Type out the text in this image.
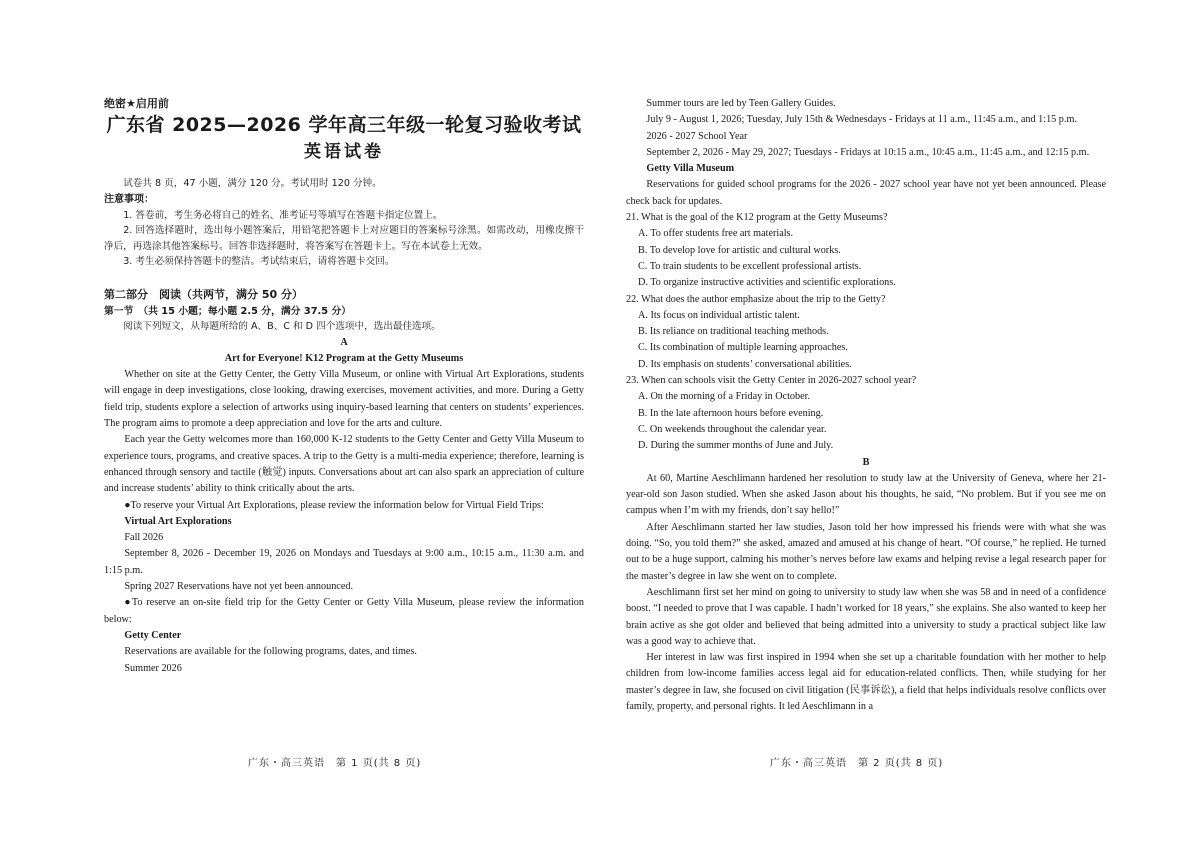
绝密★启用前
广东省 2025—2026 学年高三年级一轮复习验收考试
英语试卷

试卷共 8 页，47 小题，满分 120 分。考试用时 120 分钟。

注意事项：

1. 答卷前，考生务必将自己的姓名、准考证号等填写在答题卡指定位置上。

2. 回答选择题时，选出每小题答案后，用铅笔把答题卡上对应题目的答案标号涂黑。如需改动，用橡皮擦干净后，再选涂其他答案标号。回答非选择题时，将答案写在答题卡上。写在本试卷上无效。

3. 考生必须保持答题卡的整洁。考试结束后，请将答题卡交回。

第二部分　阅读（共两节，满分 50 分）
第一节　（共 15 小题；每小题 2.5 分，满分 37.5 分）

阅读下列短文，从每题所给的 A、B、C 和 D 四个选项中，选出最佳选项。

A
Art for Everyone! K12 Program at the Getty Museums

Whether on site at the Getty Center, the Getty Villa Museum, or online with Virtual Art Explorations, students will engage in deep investigations, close looking, drawing exercises, movement activities, and more. During a Getty field trip, students explore a selection of artworks using inquiry-based learning that centers on students’ experiences. The program aims to promote a deep appreciation and love for the arts and culture.

Each year the Getty welcomes more than 160,000 K-12 students to the Getty Center and Getty Villa Museum to experience tours, programs, and creative spaces. A trip to the Getty is a multi-media experience; therefore, learning is enhanced through sensory and tactile (触觉) inputs. Conversations about art can also spark an appreciation of culture and increase students’ ability to think critically about the arts.

●To reserve your Virtual Art Explorations, please review the information below for Virtual Field Trips:

Virtual Art Explorations

Fall 2026

September 8, 2026 - December 19, 2026 on Mondays and Tuesdays at 9:00 a.m., 10:15 a.m., 11:30 a.m. and 1:15 p.m.

Spring 2027 Reservations have not yet been announced.

●To reserve an on-site field trip for the Getty Center or Getty Villa Museum, please review the information below:

Getty Center

Reservations are available for the following programs, dates, and times.

Summer 2026

Summer tours are led by Teen Gallery Guides.

July 9 - August 1, 2026; Tuesday, July 15th & Wednesdays - Fridays at 11 a.m., 11:45 a.m., and 1:15 p.m.

2026 - 2027 School Year

September 2, 2026 - May 29, 2027; Tuesdays - Fridays at 10:15 a.m., 10:45 a.m., 11:45 a.m., and 12:15 p.m.

Getty Villa Museum

Reservations for guided school programs for the 2026 - 2027 school year have not yet been announced. Please check back for updates.

21. What is the goal of the K12 program at the Getty Museums?

A. To offer students free art materials.

B. To develop love for artistic and cultural works.

C. To train students to be excellent professional artists.

D. To organize instructive activities and scientific explorations.

22. What does the author emphasize about the trip to the Getty?

A. Its focus on individual artistic talent.

B. Its reliance on traditional teaching methods.

C. Its combination of multiple learning approaches.

D. Its emphasis on students’ conversational abilities.

23. When can schools visit the Getty Center in 2026-2027 school year?

A. On the morning of a Friday in October.

B. In the late afternoon hours before evening.

C. On weekends throughout the calendar year.

D. During the summer months of June and July.

B

At 60, Martine Aeschlimann hardened her resolution to study law at the University of Geneva, where her 21-year-old son Jason studied. When she asked Jason about his thoughts, he said, “No problem. But if you see me on campus when I’m with my friends, don’t say hello!”

After Aeschlimann started her law studies, Jason told her how impressed his friends were with what she was doing. “So, you told them?” she asked, amazed and amused at his change of heart. “Of course,” he replied. He turned out to be a huge support, calming his mother’s nerves before law exams and helping revise a legal research paper for the master’s degree in law she went on to complete.

Aeschlimann first set her mind on going to university to study law when she was 58 and in need of a confidence boost. “I needed to prove that I was capable. I hadn’t worked for 18 years,” she explains. She also wanted to keep her brain active as she got older and believed that being admitted into a university to study a practical subject like law was a good way to achieve that.

Her interest in law was first inspired in 1994 when she set up a charitable foundation with her mother to help children from low-income families access legal aid for education-related conflicts. Then, while studying for her master’s degree in law, she focused on civil litigation (民事诉讼), a field that helps individuals resolve conflicts over family, property, and personal rights. It led Aeschlimann in a

广东・高三英语　第 1 页(共 8 页)	广东・高三英语　第 2 页(共 8 页)
